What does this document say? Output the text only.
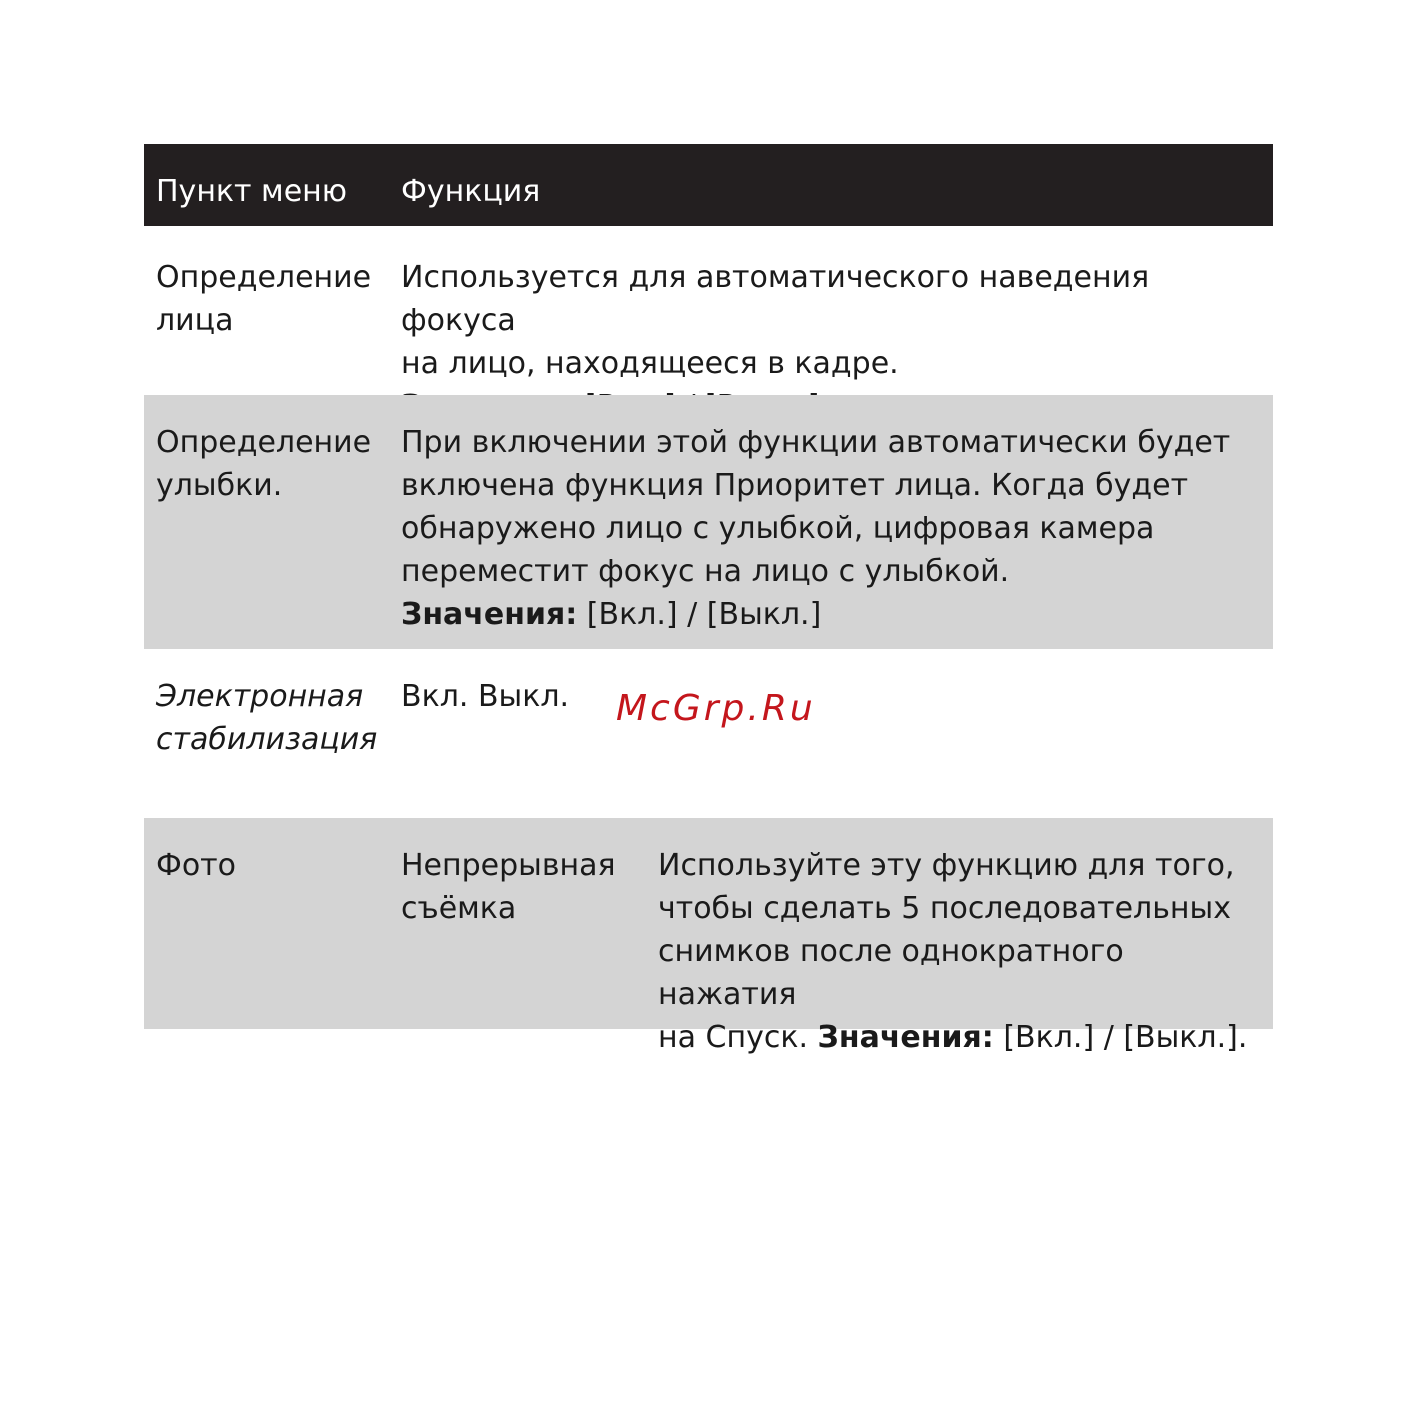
Пункт меню	Функция
Определение
лица
Используется для автоматического наведения фокуса
на лицо, находящееся в кадре.

Определение
улыбки.
При включении этой функции автоматически будет
включена функция Приоритет лица. Когда будет
обнаружено лицо с улыбкой, цифровая камера
переместит фокус на лицо с улыбкой.
Значения: [Вкл.] / [Выкл.]
Электронная
стабилизация
Вкл. Выкл.
Фото	Непрерывная
съёмка
Используйте эту функцию для того,
чтобы сделать 5 последовательных
снимков после однократного нажатия
на Спуск. Значения: [Вкл.] / [Выкл.].
McGrp.Ru
